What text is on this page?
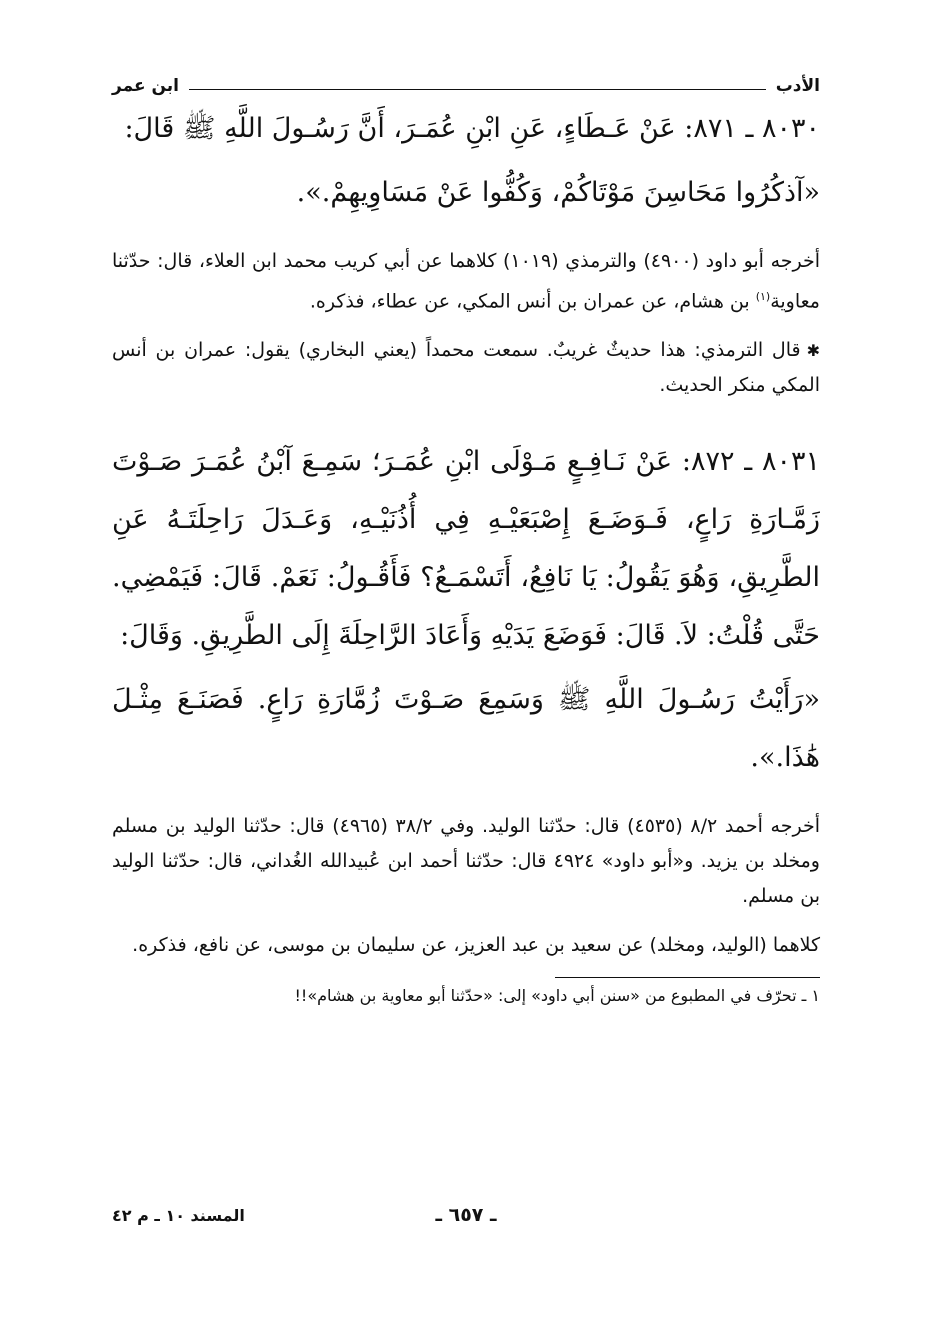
الأدب
ابن عمر

٨٠٣٠ ـ ٨٧١: عَنْ عَـطَاءٍ، عَنِ ابْنِ عُمَـرَ، أَنَّ رَسُـولَ اللَّهِ ﷺ قَالَ:

«آذكُرُوا مَحَاسِنَ مَوْتَاكُمْ، وَكُفُّوا عَنْ مَسَاوِيهِمْ.».

أخرجه أبو داود (٤٩٠٠) والترمذي (١٠١٩) كلاهما عن أبي كريب محمد ابن العلاء، قال: حدّثنا معاوية$^{(١)}$ بن هشام، عن عمران بن أنس المكي، عن عطاء، فذكره.

✱قال الترمذي: هذا حديثٌ غريبٌ. سمعت محمداً (يعني البخاري) يقول: عمران بن أنس المكي منكر الحديث.

٨٠٣١ ـ ٨٧٢: عَنْ نَـافِـعٍ مَـوْلَى ابْنِ عُمَـرَ؛ سَمِـعَ آبْنُ عُمَـرَ صَـوْتَ زَمَّـارَةِ رَاعٍ، فَـوَضَـعَ إِصْبَعَيْـهِ فِي أُذُنَيْـهِ، وَعَـدَلَ رَاحِلَتَـهُ عَنِ الطَّرِيقِ، وَهُوَ يَقُولُ: يَا نَافِعُ، أَتَسْمَـعُ؟ فَأَقُـولُ: نَعَمْ. قَالَ: فَيَمْضِي. حَتَّى قُلْتُ: لاَ. قَالَ: فَوَضَعَ يَدَيْهِ وَأَعَادَ الرَّاحِلَةَ إِلَى الطَّرِيقِ. وَقَالَ:

«رَأَيْتُ رَسُـولَ اللَّهِ ﷺ وَسَمِعَ صَـوْتَ زُمَّارَةِ رَاعٍ. فَصَنَـعَ مِثْـلَ هَٰذَا.».

أخرجه أحمد ٨/٢ (٤٥٣٥) قال: حدّثنا الوليد. وفي ٣٨/٢ (٤٩٦٥) قال: حدّثنا الوليد بن مسلم ومخلد بن يزيد. و«أبو داود» ٤٩٢٤ قال: حدّثنا أحمد ابن عُبيدالله الغُداني، قال: حدّثنا الوليد بن مسلم.

كلاهما (الوليد، ومخلد) عن سعيد بن عبد العزيز، عن سليمان بن موسى، عن نافع، فذكره.

١ ـ تحرّف في المطبوع من «سنن أبي داود» إلى: «حدّثنا أبو معاوية بن هشام»!!

ـ ٦٥٧ ـ
المسند ١٠ ـ م ٤٢
